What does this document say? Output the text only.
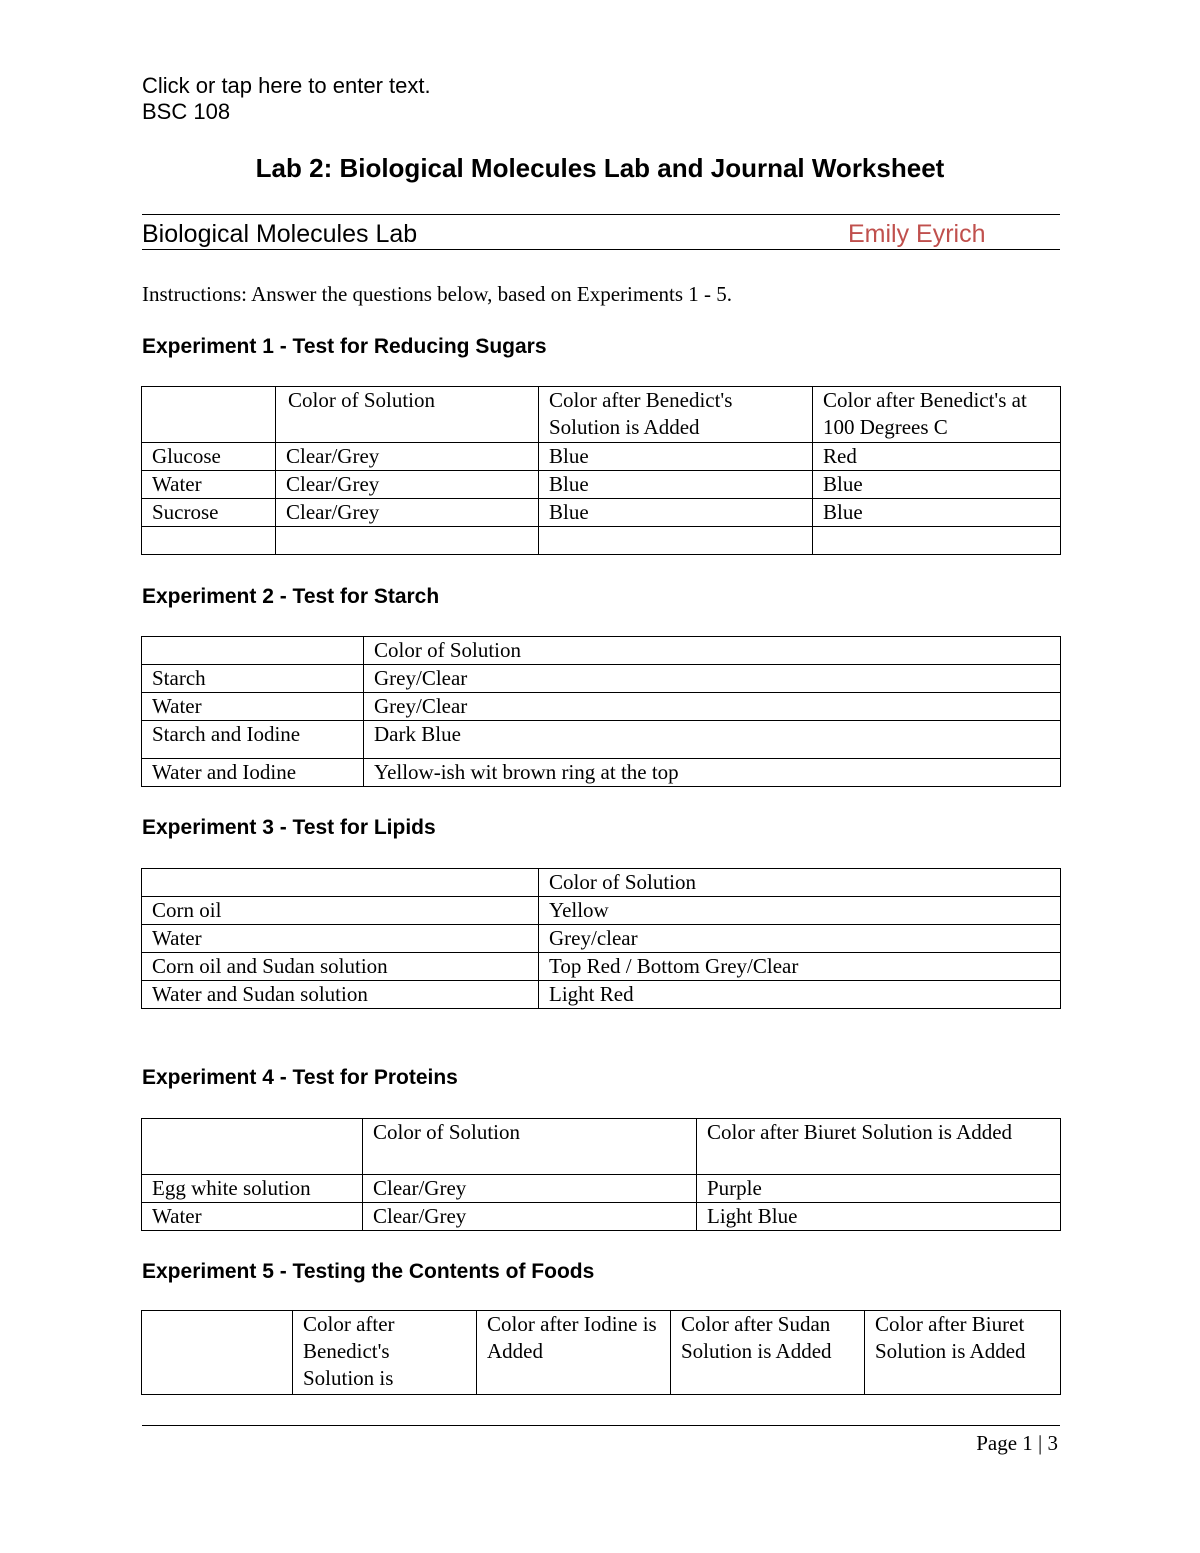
Click or tap here to enter text.
BSC 108
Lab 2: Biological Molecules Lab and Journal Worksheet
Biological Molecules Lab	Emily Eyrich
Instructions: Answer the questions below, based on Experiments 1 - 5.
Experiment 1 - Test for Reducing Sugars
	Color of Solution	Color after Benedict's Solution is Added	Color after Benedict's at 100 Degrees C
Glucose	Clear/Grey	Blue	Red
Water	Clear/Grey	Blue	Blue
Sucrose	Clear/Grey	Blue	Blue

Experiment 2 - Test for Starch
	Color of Solution
Starch	Grey/Clear
Water	Grey/Clear
Starch and Iodine	Dark Blue
Water and Iodine	Yellow-ish wit brown ring at the top
Experiment 3 - Test for Lipids
	Color of Solution
Corn oil	Yellow
Water	Grey/clear
Corn oil and Sudan solution	Top Red / Bottom Grey/Clear
Water and Sudan solution	Light Red
Experiment 4 - Test for Proteins
	Color of Solution	Color after Biuret Solution is Added
Egg white solution	Clear/Grey	Purple
Water	Clear/Grey	Light Blue
Experiment 5 - Testing the Contents of Foods
	Color after Benedict's Solution is	Color after Iodine is Added	Color after Sudan Solution is Added	Color after Biuret Solution is Added
Page 1 | 3
